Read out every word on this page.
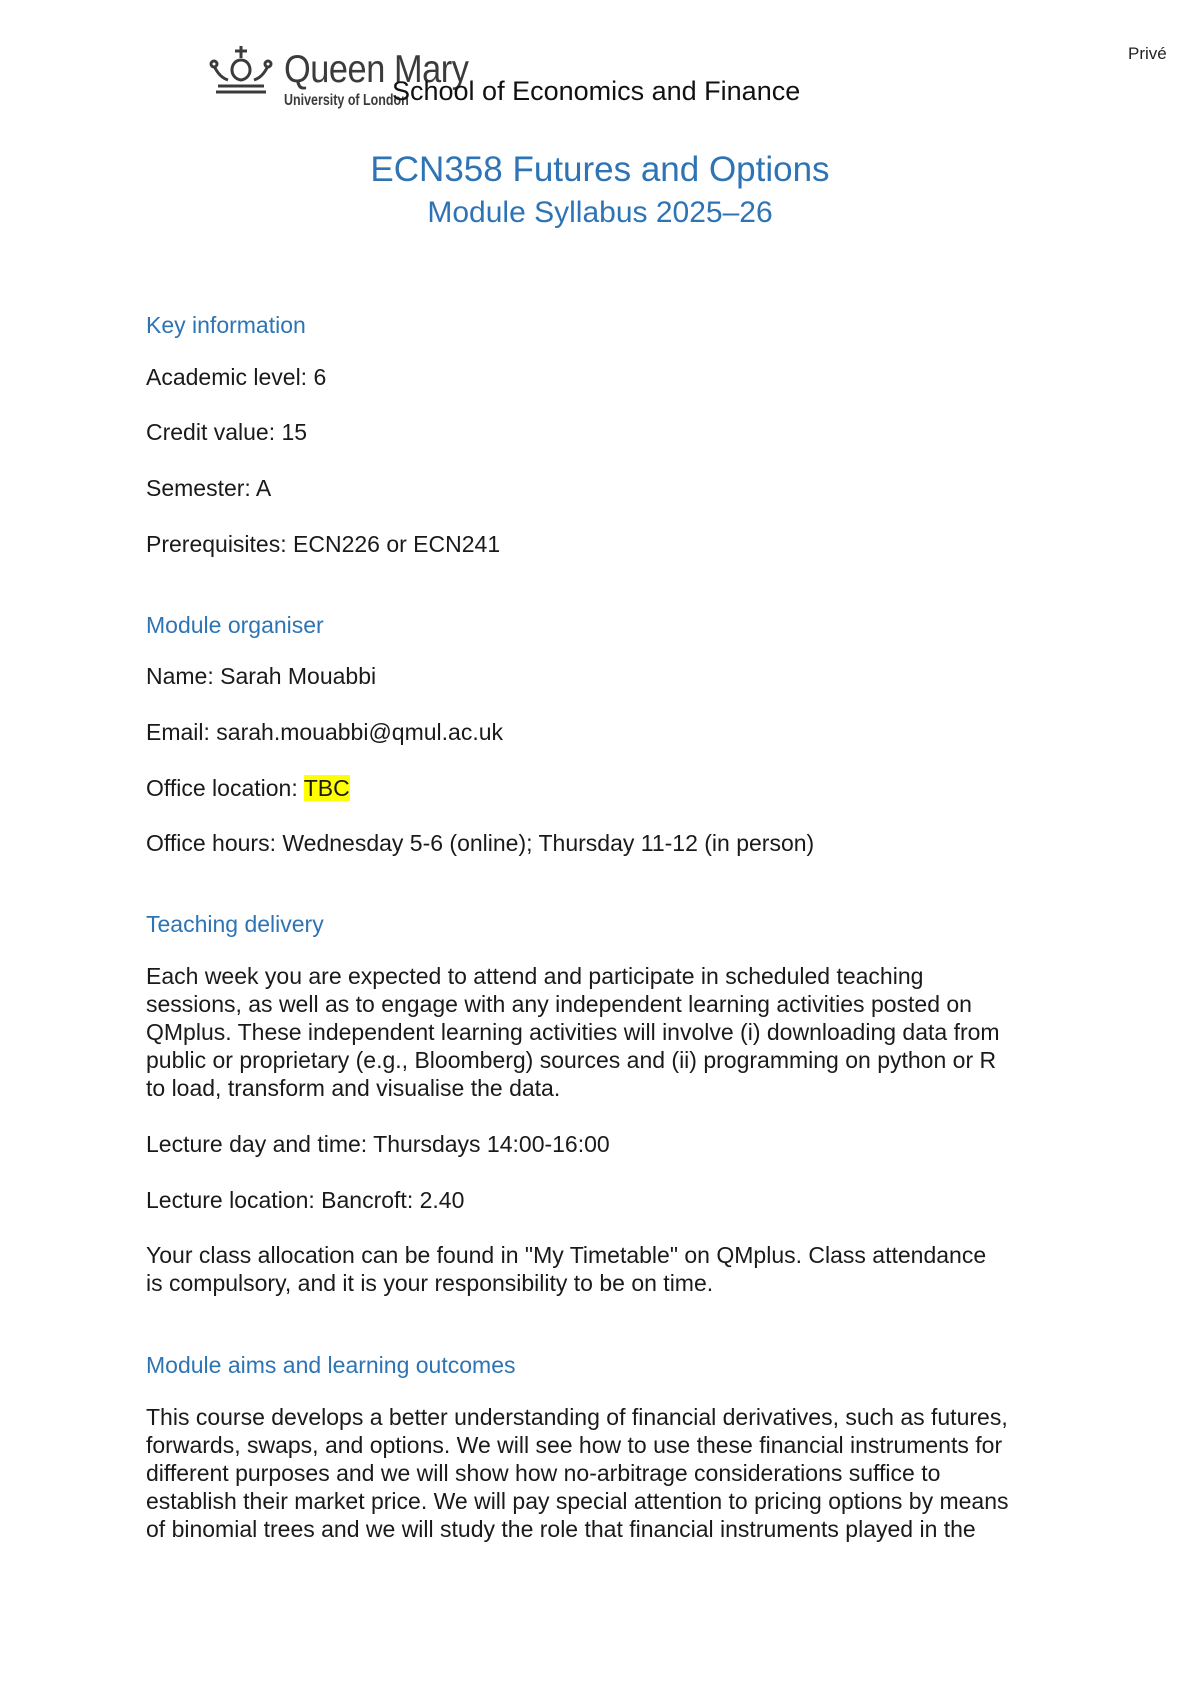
Privé
Queen Mary
University of London
School of Economics and Finance
ECN358 Futures and Options
Module Syllabus 2025–26
Key information
Academic level: 6
Credit value: 15
Semester: A
Prerequisites: ECN226 or ECN241
Module organiser
Name: Sarah Mouabbi
Email: sarah.mouabbi@qmul.ac.uk
Office location: TBC
Office hours: Wednesday 5-6 (online); Thursday 11-12 (in person)
Teaching delivery
Each week you are expected to attend and participate in scheduled teaching
sessions, as well as to engage with any independent learning activities posted on
QMplus. These independent learning activities will involve (i) downloading data from
public or proprietary (e.g., Bloomberg) sources and (ii) programming on python or R
to load, transform and visualise the data.
Lecture day and time: Thursdays 14:00-16:00
Lecture location: Bancroft: 2.40
Your class allocation can be found in "My Timetable" on QMplus. Class attendance
is compulsory, and it is your responsibility to be on time.
Module aims and learning outcomes
This course develops a better understanding of financial derivatives, such as futures,
forwards, swaps, and options. We will see how to use these financial instruments for
different purposes and we will show how no-arbitrage considerations suffice to
establish their market price. We will pay special attention to pricing options by means
of binomial trees and we will study the role that financial instruments played in the
